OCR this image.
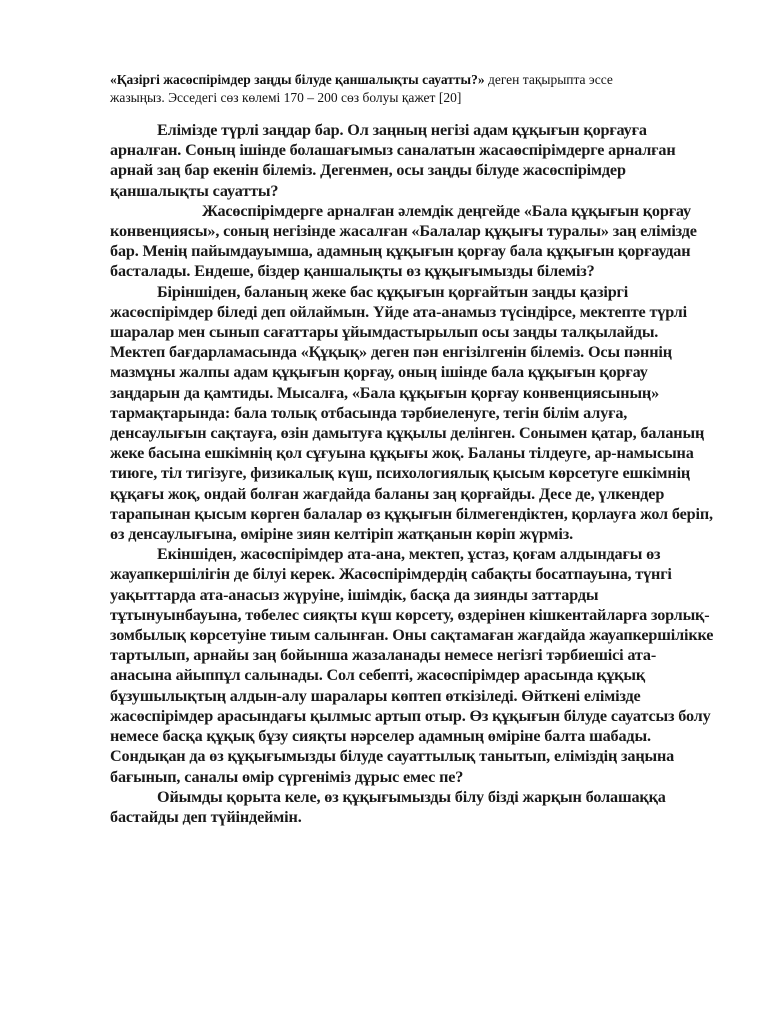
«Қазіргі жасөспірімдер заңды білуде қаншалықты сауатты?» деген тақырыпта эссе жазыңыз. Эсседегі сөз көлемі 170 – 200 сөз болуы қажет [20]

Елімізде түрлі заңдар бар. Ол заңның негізі адам құқығын қорғауға арналған. Соның ішінде болашағымыз саналатын жасаөспірімдерге арналған арнай заң бар екенін білеміз. Дегенмен, осы заңды білуде жасөспірімдер қаншалықты сауатты?

Жасөспірімдерге арналған әлемдік деңгейде «Бала құқығын қорғау конвенциясы», соның негізінде жасалған «Балалар құқығы туралы» заң елімізде бар. Менің пайымдауымша, адамның құқығын қорғау бала құқығын қорғаудан басталады. Ендеше, біздер қаншалықты өз құқығымызды білеміз?

Біріншіден, баланың жеке бас құқығын қорғайтын заңды қазіргі жасөспірімдер біледі деп ойлаймын. Үйде ата-анамыз түсіндірсе, мектепте түрлі шаралар мен сынып сағаттары ұйымдастырылып осы заңды талқылайды. Мектеп бағдарламасында «Құқық» деген пән енгізілгенін білеміз. Осы пәннің мазмұны жалпы адам құқығын қорғау, оның ішінде бала құқығын қорғау заңдарын да қамтиды. Мысалға, «Бала құқығын қорғау конвенциясының» тармақтарында: бала толық отбасында тәрбиеленуге, тегін білім алуға, денсаулығын сақтауға, өзін дамытуға құқылы делінген. Сонымен қатар, баланың жеке басына ешкімнің қол сұғуына құқығы жоқ. Баланы тілдеуге, ар-намысына тиюге, тіл тигізуге, физикалық күш, психологиялық қысым көрсетуге ешкімнің құқағы жоқ, ондай болған жағдайда баланы заң қорғайды. Десе де, үлкендер тарапынан қысым көрген балалар өз құқығын білмегендіктен, қорлауға жол беріп, өз денсаулығына, өміріне зиян келтіріп жатқанын көріп жүрміз.

Екіншіден, жасөспірімдер ата-ана, мектеп, ұстаз, қоғам алдындағы өз жауапкершілігін де білуі керек. Жасөспірімдердің сабақты босатпауына, түнгі уақыттарда ата-анасыз жүруіне, ішімдік, басқа да зиянды заттарды тұтынуынбауына, төбелес сияқты күш көрсету, өздерінен кішкентайларға зорлық-зомбылық көрсетуіне тиым салынған. Оны сақтамаған жағдайда жауапкершілікке тартылып, арнайы заң бойынша жазаланады немесе негізгі тәрбиешісі ата-анасына айыппұл салынады. Сол себепті, жасөспірімдер арасында құқық бұзушылықтың алдын-алу шаралары көптеп өткізіледі. Өйткені елімізде жасөспірімдер арасындағы қылмыс артып отыр. Өз құқығын білуде сауатсыз болу немесе басқа құқық бұзу сияқты нәрселер адамның өміріне балта шабады. Сондықан да өз құқығымызды білуде сауаттылық танытып, еліміздің заңына бағынып, саналы өмір сүргеніміз дұрыс емес пе?

Ойымды қорыта келе, өз құқығымызды білу бізді жарқын болашаққа бастайды деп түйіндеймін.
